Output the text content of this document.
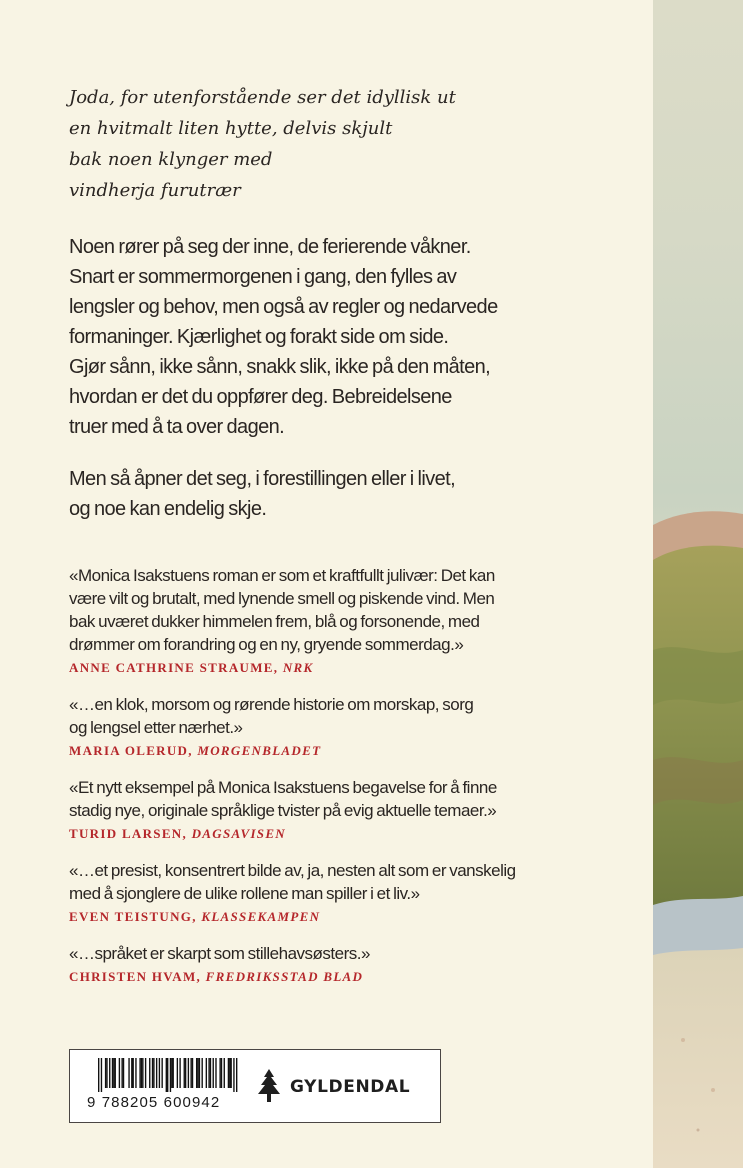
Joda, for utenforstående ser det idyllisk ut
en hvitmalt liten hytte, delvis skjult
bak noen klynger med
vindherja furutrær
Noen rører på seg der inne, de ferierende våkner.
Snart er sommermorgenen i gang, den fylles av
lengsler og behov, men også av regler og nedarvede
formaninger. Kjærlighet og forakt side om side.
Gjør sånn, ikke sånn, snakk slik, ikke på den måten,
hvordan er det du oppfører deg. Bebreidelsene
truer med å ta over dagen.
Men så åpner det seg, i forestillingen eller i livet,
og noe kan endelig skje.
«Monica Isakstuens roman er som et kraftfullt julivær: Det kan
være vilt og brutalt, med lynende smell og piskende vind. Men
bak uværet dukker himmelen frem, blå og forsonende, med
drømmer om forandring og en ny, gryende sommerdag.»
ANNE CATHRINE STRAUME, NRK
«…en klok, morsom og rørende historie om morskap, sorg
og lengsel etter nærhet.»
MARIA OLERUD, MORGENBLADET
«Et nytt eksempel på Monica Isakstuens begavelse for å finne
stadig nye, originale språklige tvister på evig aktuelle temaer.»
TURID LARSEN, DAGSAVISEN
«…et presist, konsentrert bilde av, ja, nesten alt som er vanskelig
med å sjonglere de ulike rollene man spiller i et liv.»
EVEN TEISTUNG, KLASSEKAMPEN
«…språket er skarpt som stillehavsøsters.»
CHRISTEN HVAM, FREDRIKSSTAD BLAD
9 788205 600942
GYLDENDAL
